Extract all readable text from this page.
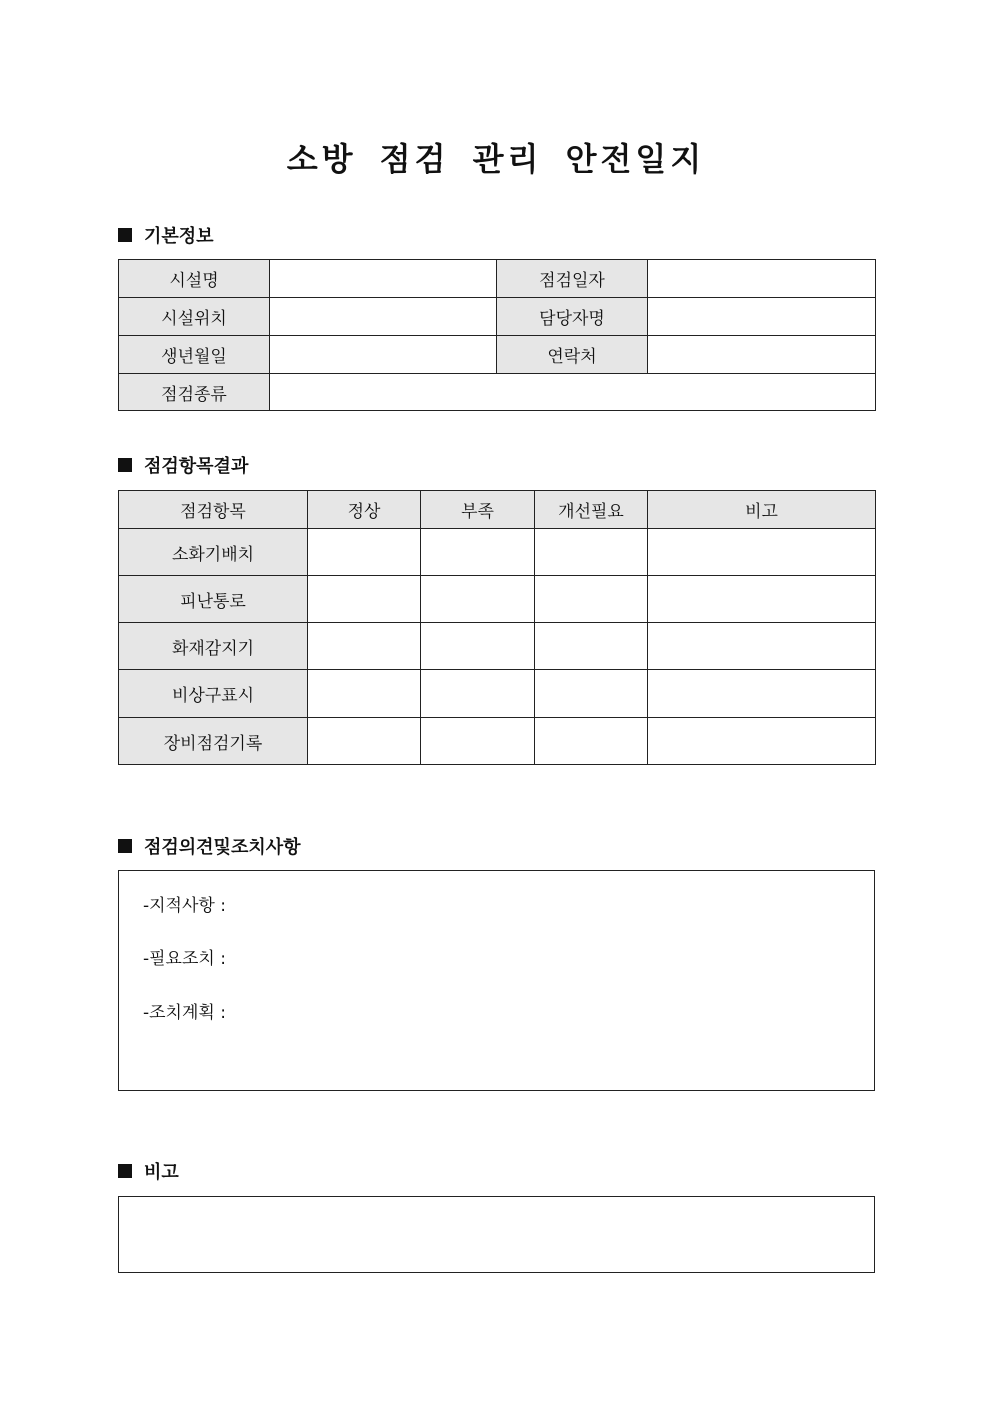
소방 점검 관리 안전일지
기본정보
시설명		점검일자	
시설위치		담당자명	
생년월일		연락처	
점검종류			
점검항목결과
점검항목	정상	부족	개선필요	비고
소화기배치				
피난통로				
화재감지기				
비상구표시				
장비점검기록				
점검의견및조치사항
-지적사항 :
-필요조치 :
-조치계획 :
비고
